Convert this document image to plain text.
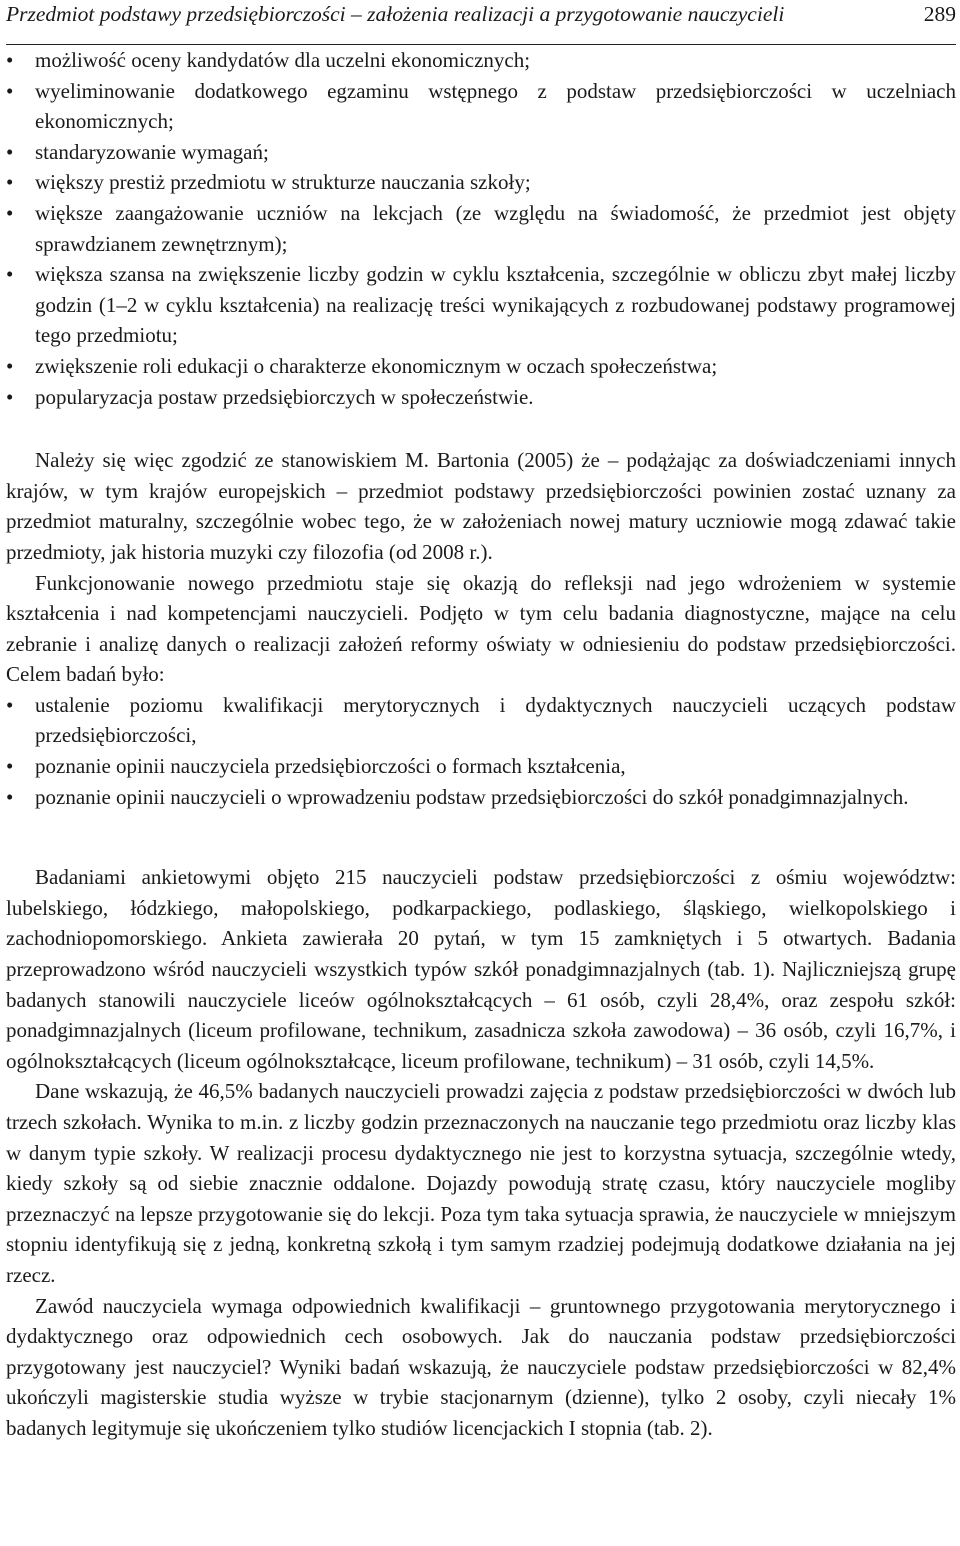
Przedmiot podstawy przedsiębiorczości – założenia realizacji a przygotowanie nauczycieli	289
• możliwość oceny kandydatów dla uczelni ekonomicznych;
• wyeliminowanie dodatkowego egzaminu wstępnego z podstaw przedsiębiorczości w uczelniach ekonomicznych;
• standaryzowanie wymagań;
• większy prestiż przedmiotu w strukturze nauczania szkoły;
• większe zaangażowanie uczniów na lekcjach (ze względu na świadomość, że przedmiot jest objęty sprawdzianem zewnętrznym);
• większa szansa na zwiększenie liczby godzin w cyklu kształcenia, szczególnie w obliczu zbyt małej liczby godzin (1–2 w cyklu kształcenia) na realizację treści wynikających z rozbudowanej podstawy programowej tego przedmiotu;
• zwiększenie roli edukacji o charakterze ekonomicznym w oczach społeczeństwa;
• popularyzacja postaw przedsiębiorczych w społeczeństwie.

Należy się więc zgodzić ze stanowiskiem M. Bartonia (2005) że – podążając za doświadczeniami innych krajów, w tym krajów europejskich – przedmiot podstawy przedsiębiorczości powinien zostać uznany za przedmiot maturalny, szczególnie wobec tego, że w założeniach nowej matury uczniowie mogą zdawać takie przedmioty, jak historia muzyki czy filozofia (od 2008 r.).

Funkcjonowanie nowego przedmiotu staje się okazją do refleksji nad jego wdrożeniem w systemie kształcenia i nad kompetencjami nauczycieli. Podjęto w tym celu badania diagnostyczne, mające na celu zebranie i analizę danych o realizacji założeń reformy oświaty w odniesieniu do podstaw przedsiębiorczości. Celem badań było:

• ustalenie poziomu kwalifikacji merytorycznych i dydaktycznych nauczycieli uczących podstaw przedsiębiorczości,
• poznanie opinii nauczyciela przedsiębiorczości o formach kształcenia,
• poznanie opinii nauczycieli o wprowadzeniu podstaw przedsiębiorczości do szkół ponadgimnazjalnych.

Badaniami ankietowymi objęto 215 nauczycieli podstaw przedsiębiorczości z ośmiu województw: lubelskiego, łódzkiego, małopolskiego, podkarpackiego, podlaskiego, śląskiego, wielkopolskiego i zachodniopomorskiego. Ankieta zawierała 20 pytań, w tym 15 zamkniętych i 5 otwartych. Badania przeprowadzono wśród nauczycieli wszystkich typów szkół ponadgimnazjalnych (tab. 1). Najliczniejszą grupę badanych stanowili nauczyciele liceów ogólnokształcących – 61 osób, czyli 28,4%, oraz zespołu szkół: ponadgimnazjalnych (liceum profilowane, technikum, zasadnicza szkoła zawodowa) – 36 osób, czyli 16,7%, i ogólnokształcących (liceum ogólnokształcące, liceum profilowane, technikum) – 31 osób, czyli 14,5%.

Dane wskazują, że 46,5% badanych nauczycieli prowadzi zajęcia z podstaw przedsiębiorczości w dwóch lub trzech szkołach. Wynika to m.in. z liczby godzin przeznaczonych na nauczanie tego przedmiotu oraz liczby klas w danym typie szkoły. W realizacji procesu dydaktycznego nie jest to korzystna sytuacja, szczególnie wtedy, kiedy szkoły są od siebie znacznie oddalone. Dojazdy powodują stratę czasu, który nauczyciele mogliby przeznaczyć na lepsze przygotowanie się do lekcji. Poza tym taka sytuacja sprawia, że nauczyciele w mniejszym stopniu identyfikują się z jedną, konkretną szkołą i tym samym rzadziej podejmują dodatkowe działania na jej rzecz.

Zawód nauczyciela wymaga odpowiednich kwalifikacji – gruntownego przygotowania merytorycznego i dydaktycznego oraz odpowiednich cech osobowych. Jak do nauczania podstaw przedsiębiorczości przygotowany jest nauczyciel? Wyniki badań wskazują, że nauczyciele podstaw przedsiębiorczości w 82,4% ukończyli magisterskie studia wyższe w trybie stacjonarnym (dzienne), tylko 2 osoby, czyli niecały 1% badanych legitymuje się ukończeniem tylko studiów licencjackich I stopnia (tab. 2).
